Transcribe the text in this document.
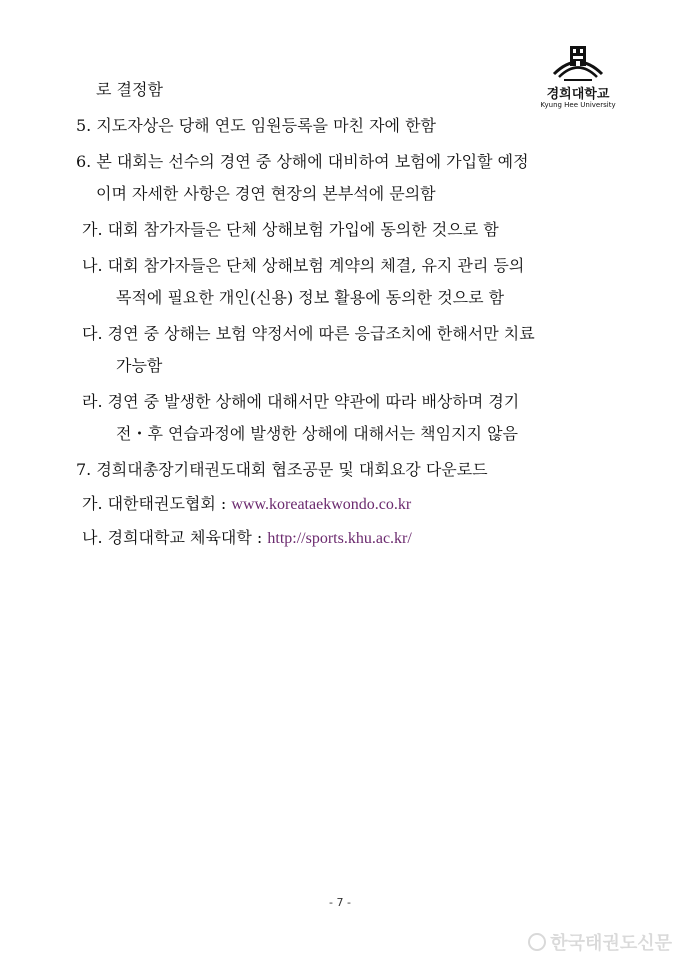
경희대학교
Kyung Hee University
로 결정함
5. 지도자상은 당해 연도 임원등록을 마친 자에 한함
6. 본 대회는 선수의 경연 중 상해에 대비하여 보험에 가입할 예정
이며 자세한 사항은 경연 현장의 본부석에 문의함
가. 대회 참가자들은 단체 상해보험 가입에 동의한 것으로 함
나. 대회 참가자들은 단체 상해보험 계약의 체결, 유지 관리 등의
목적에 필요한 개인(신용) 정보 활용에 동의한 것으로 함
다. 경연 중 상해는 보험 약정서에 따른 응급조치에 한해서만 치료
가능함
라. 경연 중 발생한 상해에 대해서만 약관에 따라 배상하며 경기
전・후 연습과정에 발생한 상해에 대해서는 책임지지 않음
7. 경희대총장기태권도대회 협조공문 및 대회요강 다운로드
가. 대한태권도협회 : www.koreataekwondo.co.kr
나. 경희대학교 체육대학 : http://sports.khu.ac.kr/
- 7 -
한국태권도신문
